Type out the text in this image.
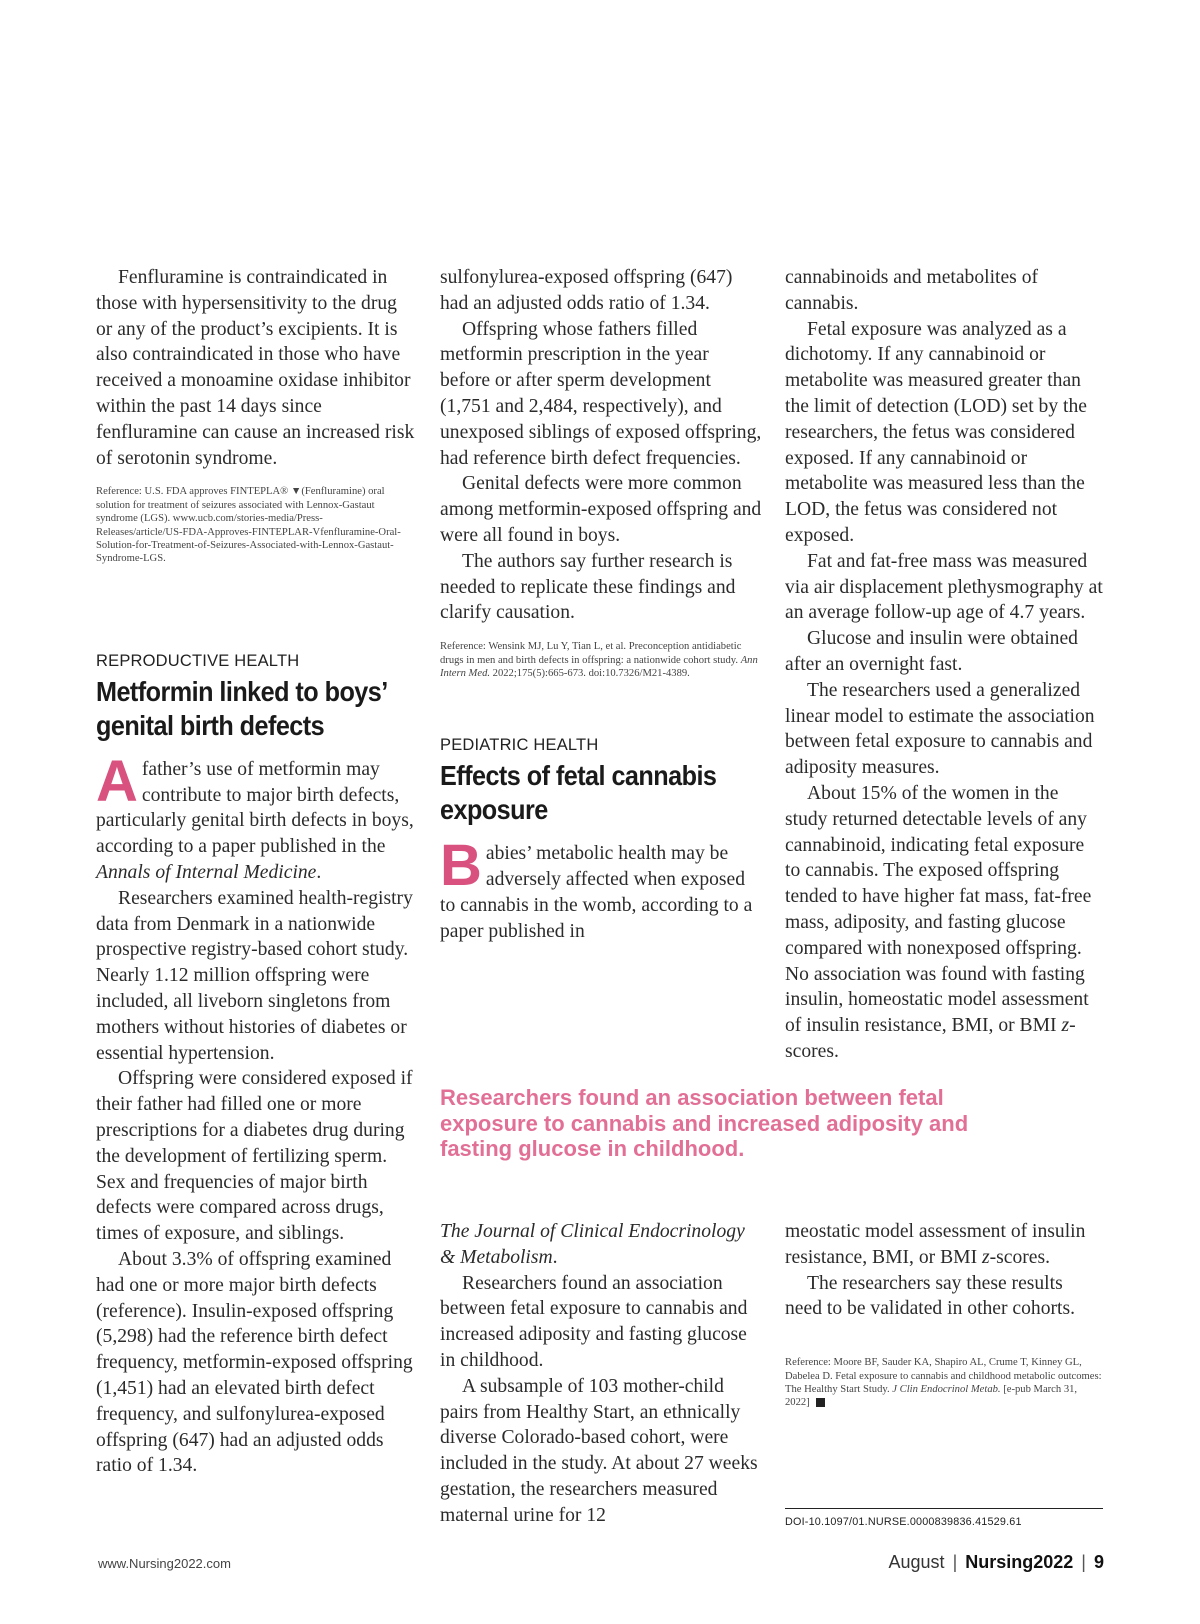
Fenfluramine is contraindicated in those with hypersensitivity to the drug or any of the product’s excipients. It is also contraindicated in those who have received a monoamine oxidase inhibitor within the past 14 days since fenfluramine can cause an increased risk of serotonin syndrome.

Reference: U.S. FDA approves FINTEPLA® ▼(Fenfluramine) oral solution for treatment of seizures associated with Lennox-Gastaut syndrome (LGS). www.ucb.com/stories-media/Press-Releases/article/US-FDA-Approves-FINTEPLAR-Vfenfluramine-Oral-Solution-for-Treatment-of-Seizures-Associated-with-Lennox-Gastaut-Syndrome-LGS.
REPRODUCTIVE HEALTH
Metformin linked to boys’ genital birth defects

Afather’s use of metformin may contribute to major birth defects, particularly genital birth defects in boys, according to a paper published in the Annals of Internal Medicine.

Researchers examined health-registry data from Denmark in a nationwide prospective registry-based cohort study. Nearly 1.12 million offspring were included, all liveborn singletons from mothers without histories of diabetes or essential hypertension.

Offspring were considered exposed if their father had filled one or more prescriptions for a diabetes drug during the development of fertilizing sperm. Sex and frequencies of major birth defects were compared across drugs, times of exposure, and siblings.

About 3.3% of offspring examined had one or more major birth defects (reference). Insulin-exposed offspring (5,298) had the reference birth defect frequency, metformin-exposed offspring (1,451) had an elevated birth defect frequency, and sulfonylurea-exposed offspring (647) had an adjusted odds ratio of 1.34.

sulfonylurea-exposed offspring (647) had an adjusted odds ratio of 1.34.

Offspring whose fathers filled metformin prescription in the year before or after sperm development (1,751 and 2,484, respectively), and unexposed siblings of exposed offspring, had reference birth defect frequencies.

Genital defects were more common among metformin-exposed offspring and were all found in boys.

The authors say further research is needed to replicate these findings and clarify causation.

Reference: Wensink MJ, Lu Y, Tian L, et al. Preconception antidiabetic drugs in men and birth defects in offspring: a nationwide cohort study. Ann Intern Med. 2022;175(5):665-673. doi:10.7326/M21-4389.
PEDIATRIC HEALTH
Effects of fetal cannabis exposure

Babies’ metabolic health may be adversely affected when exposed to cannabis in the womb, according to a paper published in

cannabinoids and metabolites of cannabis.

Fetal exposure was analyzed as a dichotomy. If any cannabinoid or metabolite was measured greater than the limit of detection (LOD) set by the researchers, the fetus was considered exposed. If any cannabinoid or metabolite was measured less than the LOD, the fetus was considered not exposed.

Fat and fat-free mass was measured via air displacement plethysmography at an average follow-up age of 4.7 years.

Glucose and insulin were obtained after an overnight fast.

The researchers used a generalized linear model to estimate the association between fetal exposure to cannabis and adiposity measures.

About 15% of the women in the study returned detectable levels of any cannabinoid, indicating fetal exposure to cannabis. The exposed offspring tended to have higher fat mass, fat-free mass, adiposity, and fasting glucose compared with nonexposed offspring. No association was found with fasting insulin, homeostatic model assessment of insulin resistance, BMI, or BMI z-scores.

Researchers found an association between fetal exposure to cannabis and increased adiposity and fasting glucose in childhood.

The Journal of Clinical Endocrinology & Metabolism.

Researchers found an association between fetal exposure to cannabis and increased adiposity and fasting glucose in childhood.

A subsample of 103 mother-child pairs from Healthy Start, an ethnically diverse Colorado-based cohort, were included in the study. At about 27 weeks gestation, the researchers measured maternal urine for 12

meostatic model assessment of insulin resistance, BMI, or BMI z-scores.

The researchers say these results need to be validated in other cohorts.

Reference: Moore BF, Sauder KA, Shapiro AL, Crume T, Kinney GL, Dabelea D. Fetal exposure to cannabis and childhood metabolic outcomes: The Healthy Start Study. J Clin Endocrinol Metab. [e-pub March 31, 2022]
DOI-10.1097/01.NURSE.0000839836.41529.61
www.Nursing2022.com	August | Nursing2022 | 9
